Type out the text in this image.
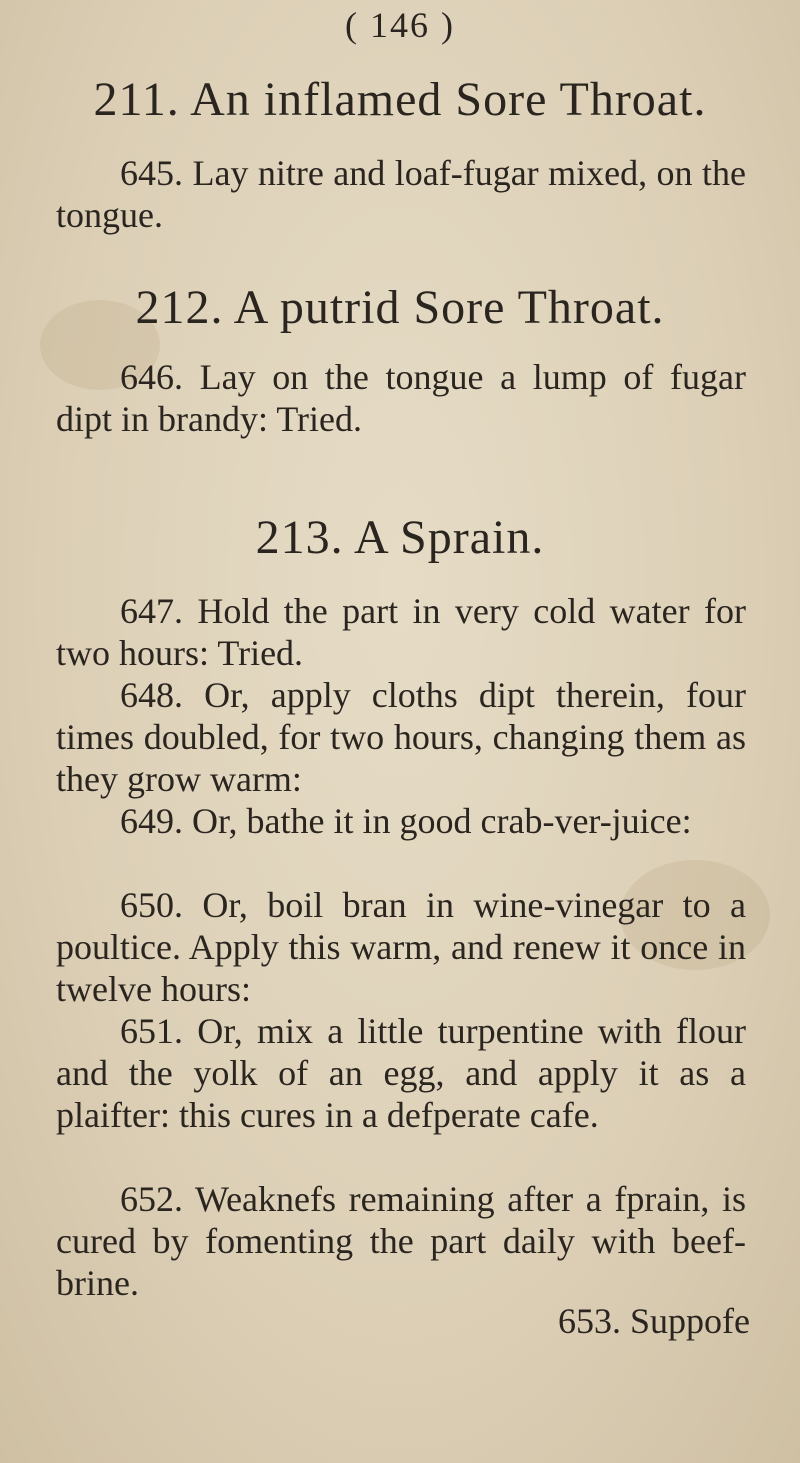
( 146 )
211. An inflamed Sore Throat.

645. Lay nitre and loaf-fugar mixed, on the tongue.

212. A putrid Sore Throat.

646. Lay on the tongue a lump of fugar dipt in brandy: Tried.

213. A Sprain.

647. Hold the part in very cold water for two hours: Tried.

648. Or, apply cloths dipt therein, four times doubled, for two hours, changing them as they grow warm:

649. Or, bathe it in good crab-ver-juice:

650. Or, boil bran in wine-vinegar to a poultice. Apply this warm, and renew it once in twelve hours:

651. Or, mix a little turpentine with flour and the yolk of an egg, and apply it as a plaifter: this cures in a defperate cafe.

652. Weaknefs remaining after a fprain, is cured by fomenting the part daily with beef-brine.

653. Suppofe
